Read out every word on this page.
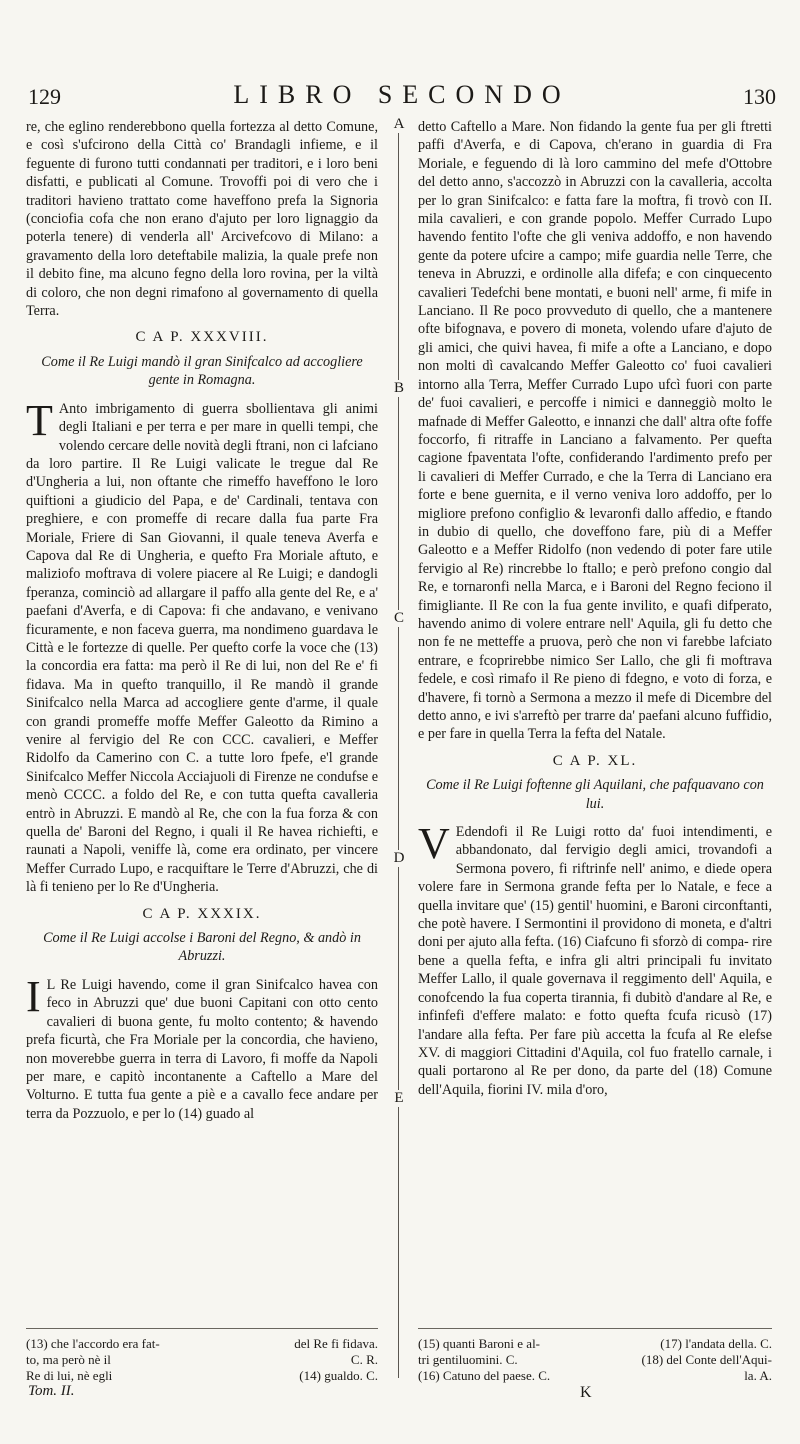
129	LIBRO SECONDO	130
A
B
C
D
E

re, che eglino renderebbono quella fortezza al detto Comune, e così s'ufcirono della Città co' Brandagli infieme, e il feguente di furono tutti condannati per traditori, e i loro beni disfatti, e publicati al Comune. Trovoffi poi di vero che i traditori havieno trattato come haveffono prefa la Signoria (conciofia cofa che non erano d'ajuto per loro lignaggio da poterla tenere) di venderla all' Arcivefcovo di Milano: a gravamento della loro deteftabile malizia, la quale prefe non il debito fine, ma alcuno fegno della loro rovina, per la viltà di coloro, che non degni rimafono al governamento di quella Terra.

C A P. XXXVIII.
Come il Re Luigi mandò il gran Sinifcalco ad accogliere gente in Romagna.

T Anto imbrigamento di guerra sbollientava gli animi degli Italiani e per terra e per mare in quelli tempi, che volendo cercare delle novità degli ftrani, non ci lafciano da loro partire. Il Re Luigi valicate le tregue dal Re d'Ungheria a lui, non oftante che rimeffo haveffono le loro quiftioni a giudicio del Papa, e de' Cardinali, tentava con preghiere, e con promeffe di recare dalla fua parte Fra Moriale, Friere di San Giovanni, il quale teneva Averfa e Capova dal Re di Ungheria, e quefto Fra Moriale aftuto, e maliziofo moftrava di volere piacere al Re Luigi; e dandogli fperanza, cominciò ad allargare il paffo alla gente del Re, e a' paefani d'Averfa, e di Capova: fi che andavano, e venivano ficuramente, e non faceva guerra, ma nondimeno guardava le Città e le fortezze di quelle. Per quefto corfe la voce che (13) la concordia era fatta: ma però il Re di lui, non del Re e' fi fidava. Ma in quefto tranquillo, il Re mandò il grande Sinifcalco nella Marca ad accogliere gente d'arme, il quale con grandi promeffe moffe Meffer Galeotto da Rimino a venire al fervigio del Re con CCC. cavalieri, e Meffer Ridolfo da Camerino con C. a tutte loro fpefe, e'l grande Sinifcalco Meffer Niccola Acciajuoli di Firenze ne condufse e menò CCCC. a foldo del Re, e con tutta quefta cavalleria entrò in Abruzzi. E mandò al Re, che con la fua forza & con quella de' Baroni del Regno, i quali il Re havea richiefti, e raunati a Napoli, veniffe là, come era ordinato, per vincere Meffer Currado Lupo, e racquiftare le Terre d'Abruzzi, che di là fi tenieno per lo Re d'Ungheria.

C A P. XXXIX.
Come il Re Luigi accolse i Baroni del Regno, & andò in Abruzzi.

I L Re Luigi havendo, come il gran Sinifcalco havea con feco in Abruzzi que' due buoni Capitani con otto cento cavalieri di buona gente, fu molto contento; & havendo prefa ficurtà, che Fra Moriale per la concordia, che havieno, non moverebbe guerra in terra di Lavoro, fi moffe da Napoli per mare, e capitò incontanente a Caftello a Mare del Volturno. E tutta fua gente a piè e a cavallo fece andare per terra da Pozzuolo, e per lo (14) guado al

detto Caftello a Mare. Non fidando la gente fua per gli ftretti paffi d'Averfa, e di Capova, ch'erano in guardia di Fra Moriale, e feguendo di là loro cammino del mefe d'Ottobre del detto anno, s'accozzò in Abruzzi con la cavalleria, accolta per lo gran Sinifcalco: e fatta fare la moftra, fi trovò con II. mila cavalieri, e con grande popolo. Meffer Currado Lupo havendo fentito l'ofte che gli veniva addoffo, e non havendo gente da potere ufcire a campo; mife guardia nelle Terre, che teneva in Abruzzi, e ordinolle alla difefa; e con cinquecento cavalieri Tedefchi bene montati, e buoni nell' arme, fi mife in Lanciano. Il Re poco provveduto di quello, che a mantenere ofte bifognava, e povero di moneta, volendo ufare d'ajuto de gli amici, che quivi havea, fi mife a ofte a Lanciano, e dopo non molti dì cavalcando Meffer Galeotto co' fuoi cavalieri intorno alla Terra, Meffer Currado Lupo ufcì fuori con parte de' fuoi cavalieri, e percoffe i nimici e danneggiò molto le mafnade di Meffer Galeotto, e innanzi che dall' altra ofte foffe foccorfo, fi ritraffe in Lanciano a falvamento. Per quefta cagione fpaventata l'ofte, confiderando l'ardimento prefo per li cavalieri di Meffer Currado, e che la Terra di Lanciano era forte e bene guernita, e il verno veniva loro addoffo, per lo migliore prefono configlio & levaronfi dallo affedio, e ftando in dubio di quello, che doveffono fare, più di a Meffer Galeotto e a Meffer Ridolfo (non vedendo di poter fare utile fervigio al Re) rincrebbe lo ftallo; e però prefono congio dal Re, e tornaronfi nella Marca, e i Baroni del Regno feciono il fimigliante. Il Re con la fua gente invilito, e quafi difperato, havendo animo di volere entrare nell' Aquila, gli fu detto che non fe ne metteffe a pruova, però che non vi farebbe lafciato entrare, e fcoprirebbe nimico Ser Lallo, che gli fi moftrava fedele, e così rimafo il Re pieno di fdegno, e voto di forza, e d'havere, fi tornò a Sermona a mezzo il mefe di Dicembre del detto anno, e ivi s'arreftò per trarre da' paefani alcuno fuffidio, e per fare in quella Terra la fefta del Natale.

C A P. XL.
Come il Re Luigi foftenne gli Aquilani, che pafquavano con lui.

V Edendofi il Re Luigi rotto da' fuoi intendimenti, e abbandonato, dal fervigio degli amici, trovandofi a Sermona povero, fi riftrinfe nell' animo, e diede opera volere fare in Sermona grande fefta per lo Natale, e fece a quella invitare que' (15) gentil' huomini, e Baroni circonftanti, che potè havere. I Sermontini il providono di moneta, e d'altri doni per ajuto alla fefta. (16) Ciafcuno fi sforzò di compa- rire bene a quella fefta, e infra gli altri principali fu invitato Meffer Lallo, il quale governava il reggimento dell' Aquila, e conofcendo la fua coperta tirannia, fi dubitò d'andare al Re, e infinfefi d'effere malato: e fotto quefta fcufa ricusò (17) l'andare alla fefta. Per fare più accetta la fcufa al Re elefse XV. di maggiori Cittadini d'Aquila, col fuo fratello carnale, i quali portarono al Re per dono, da parte del (18) Comune dell'Aquila, fiorini IV. mila d'oro,

(13) che l'accordo era fat-	del Re fi fidava.
to, ma però nè il	C. R.
Re di lui, nè egli	(14) gualdo. C.
(15) quanti Baroni e al-	(17) l'andata della. C.
tri gentiluomini. C.	(18) del Conte dell'Aqui-
(16) Catuno del paese. C.	la. A.
Tom. II.	K
